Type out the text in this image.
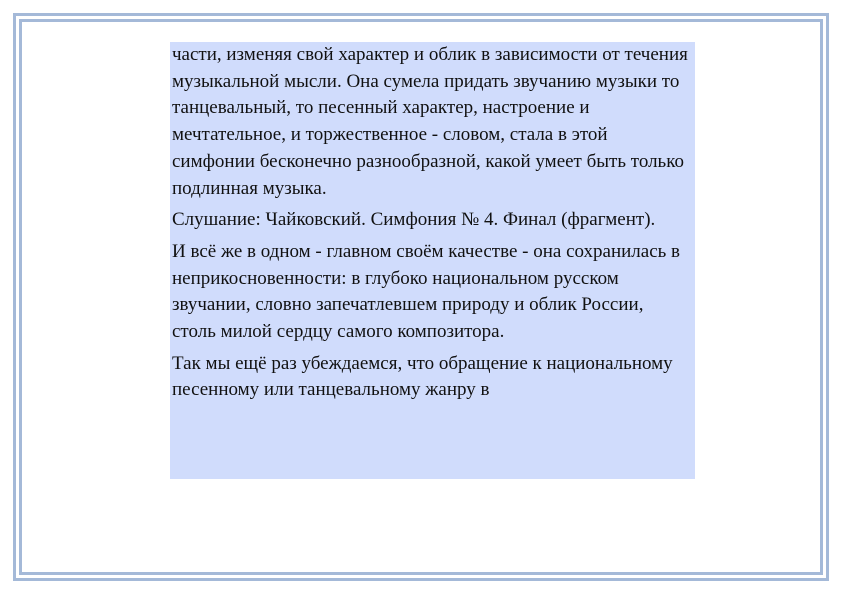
части, изменяя свой характер и облик в зависимости от течения музыкальной мысли. Она сумела придать звучанию музыки то танцевальный, то песенный характер, настроение и мечтательное, и торжественное - словом, стала в этой симфонии бесконечно разнообразной, какой умеет быть только подлинная музыка.

Слушание: Чайковский. Симфония № 4. Финал (фрагмент).

И всё же в одном - главном своём качестве - она сохранилась в неприкосновенности: в глубоко национальном русском звучании, словно запечатлевшем природу и облик России, столь милой сердцу самого композитора.

Так мы ещё раз убеждаемся, что обращение к национальному песенному или танцевальному жанру в
